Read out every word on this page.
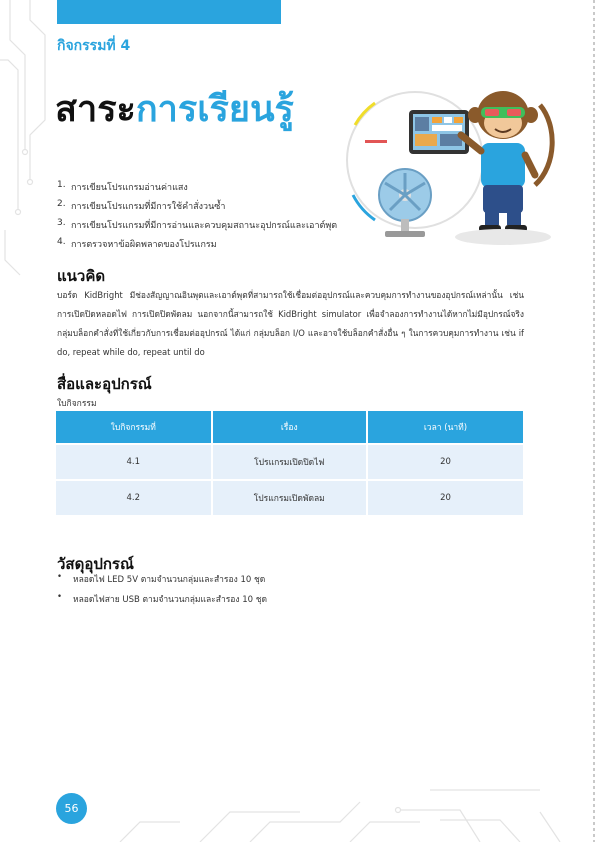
กิจกรรมที่ 4
สาระการเรียนรู้
1. การเขียนโปรแกรมอ่านค่าแสง
2. การเขียนโปรแกรมที่มีการใช้คำสั่งวนซ้ำ
3. การเขียนโปรแกรมที่มีการอ่านและควบคุมสถานะอุปกรณ์และเอาต์พุต
4. การตรวจหาข้อผิดพลาดของโปรแกรม
แนวคิด
บอร์ด KidBright มีช่องสัญญาณอินพุตและเอาต์พุตที่สามารถใช้เชื่อมต่ออุปกรณ์และควบคุมการทำงานของอุปกรณ์เหล่านั้น เช่น การเปิดปิดหลอดไฟ การเปิดปิดพัดลม นอกจากนี้สามารถใช้ KidBright simulator เพื่อจำลองการทำงานได้หากไม่มีอุปกรณ์จริง กลุ่มบล็อกคำสั่งที่ใช้เกี่ยวกับการเชื่อมต่ออุปกรณ์ ได้แก่ กลุ่มบล็อก I/O และอาจใช้บล็อกคำสั่งอื่น ๆ ในการควบคุมการทำงาน เช่น if do, repeat while do, repeat until do
สื่อและอุปกรณ์
ใบกิจกรรม
ใบกิจกรรมที่	เรื่อง	เวลา (นาที)
4.1	โปรแกรมเปิดปิดไฟ	20
4.2	โปรแกรมเปิดพัดลม	20
วัสดุอุปกรณ์
•	หลอดไฟ LED 5V ตามจำนวนกลุ่มและสำรอง 10 ชุด
•	หลอดไฟสาย USB ตามจำนวนกลุ่มและสำรอง 10 ชุด
56
